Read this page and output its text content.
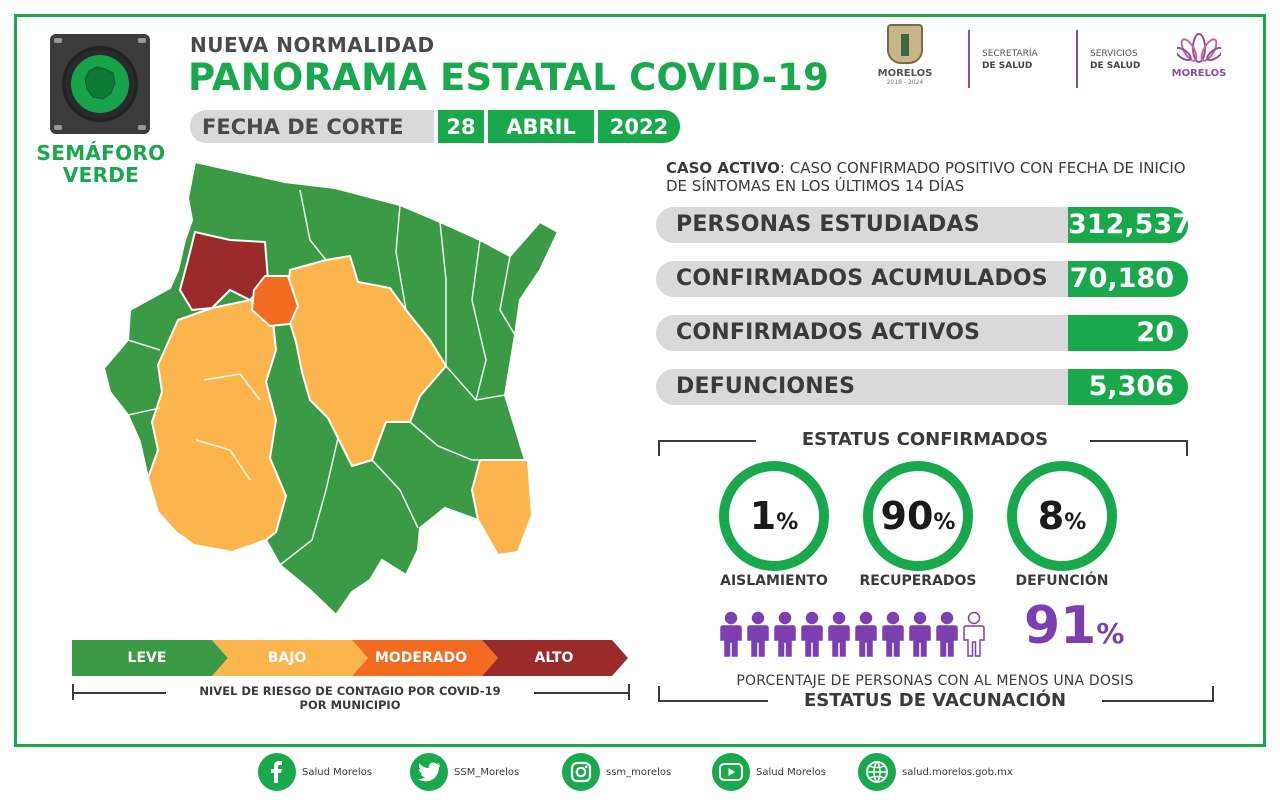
SEMÁFORO
VERDE
NUEVA NORMALIDAD
PANORAMA ESTATAL COVID-19
FECHA DE CORTE	28	ABRIL	2022
MORELOS
2018 - 2024
SECRETARÍA
DE SALUD
SERVICIOS
DE SALUD
MORELOS

LEVE	BAJO	MODERADO	ALTO
NIVEL DE RIESGO DE CONTAGIO POR COVID-19
POR MUNICIPIO
CASO ACTIVO: CASO CONFIRMADO POSITIVO CON FECHA DE INICIO DE SÍNTOMAS EN LOS ÚLTIMOS 14 DÍAS
PERSONAS ESTUDIADAS	312,537
CONFIRMADOS ACUMULADOS 70,180
CONFIRMADOS ACTIVOS	20
DEFUNCIONES	5,306
ESTATUS CONFIRMADOS
1%
AISLAMIENTO
90%
RECUPERADOS
8%
DEFUNCIÓN
91%
PORCENTAJE DE PERSONAS CON AL MENOS UNA DOSIS
ESTATUS DE VACUNACIÓN
Salud Morelos	SSM_Morelos	ssm_morelos	Salud Morelos	salud.morelos.gob.mx
